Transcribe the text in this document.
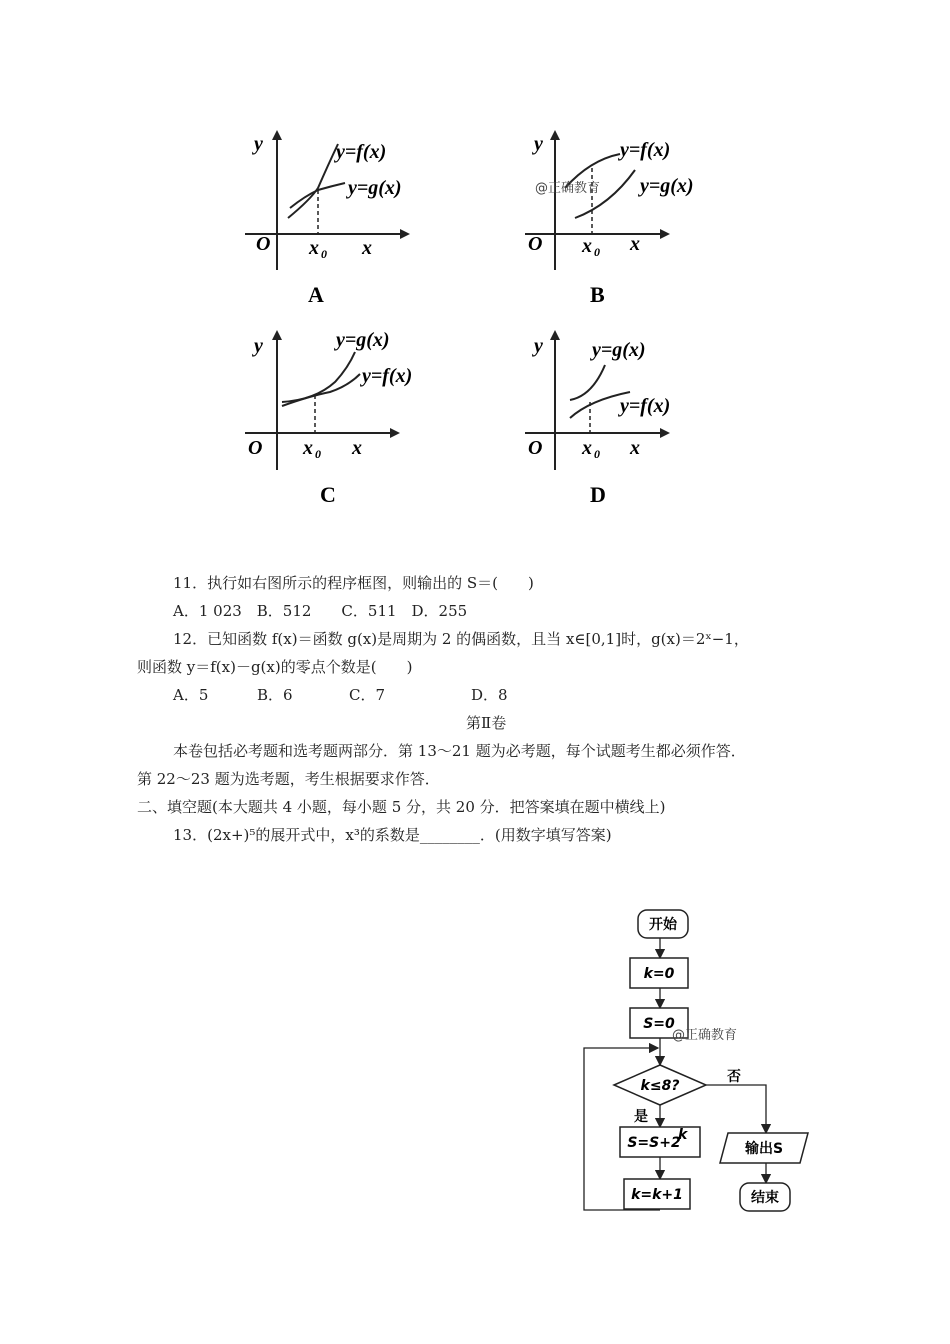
y
x
O x 0
y=f(x)
y=g(x)
A
y
x
O x 0
y=f(x)
y=g(x)
@正确教育
B
y
x
O x 0
y=g(x)
y=f(x)
C
y
x
O x 0
y=g(x)
y=f(x)
D
11．执行如右图所示的程序框图，则输出的 S＝(　　)
A．1 023　B．512　　C．511　D．255
12．已知函数 f(x)＝函数 g(x)是周期为 2 的偶函数，且当 x∈[0,1]时，g(x)＝2ˣ−1，
则函数 y＝f(x)－g(x)的零点个数是(　　)
A．5	B．6	C．7	D．8
第Ⅱ卷
本卷包括必考题和选考题两部分．第 13～21 题为必考题，每个试题考生都必须作答．
第 22～23 题为选考题，考生根据要求作答．
二、填空题(本大题共 4 小题，每小题 5 分，共 20 分．把答案填在题中横线上)
13．(2x+)⁵的展开式中，x³的系数是________．(用数字填写答案)
开始
k=0
S=0
@正确教育
k≤8?
否
是
S=S+2
k
k=k+1
输出S
结束
